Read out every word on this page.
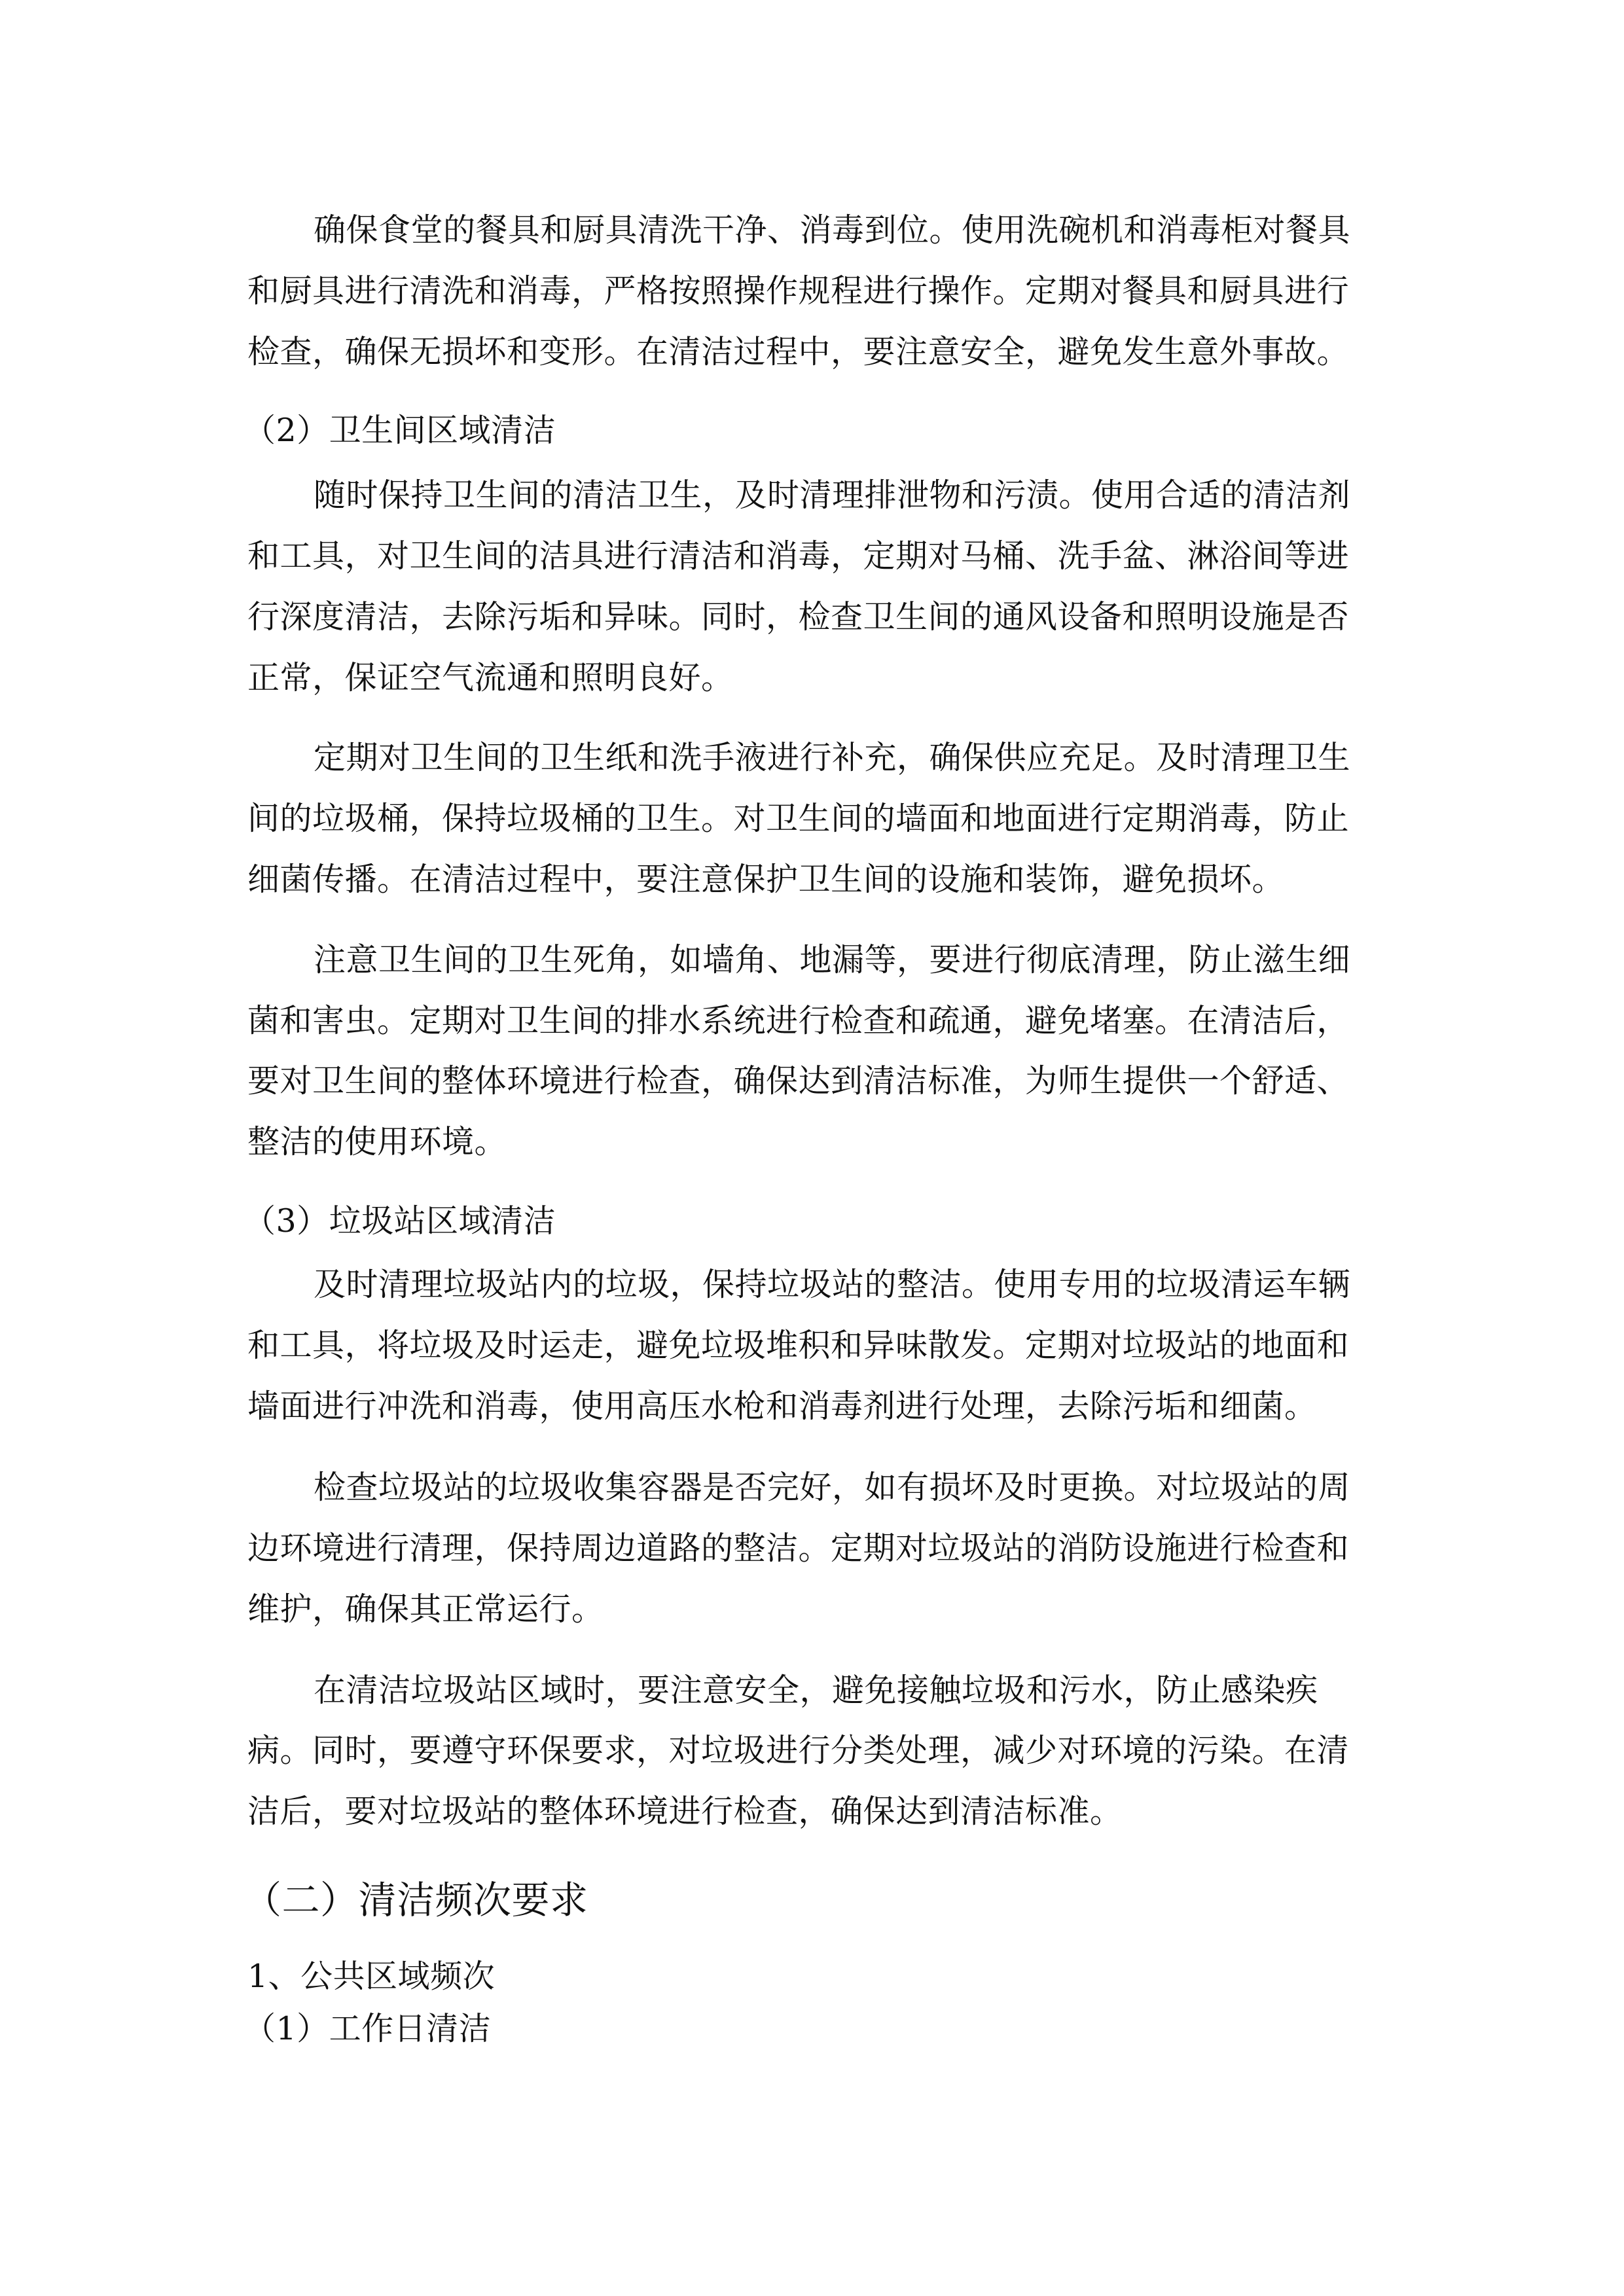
确保食堂的餐具和厨具清洗干净、消毒到位。使用洗碗机和消毒柜对餐具
和厨具进行清洗和消毒，严格按照操作规程进行操作。定期对餐具和厨具进行
检查，确保无损坏和变形。在清洁过程中，要注意安全，避免发生意外事故。
（2）卫生间区域清洁
随时保持卫生间的清洁卫生，及时清理排泄物和污渍。使用合适的清洁剂
和工具，对卫生间的洁具进行清洁和消毒，定期对马桶、洗手盆、淋浴间等进
行深度清洁，去除污垢和异味。同时，检查卫生间的通风设备和照明设施是否
正常，保证空气流通和照明良好。
定期对卫生间的卫生纸和洗手液进行补充，确保供应充足。及时清理卫生
间的垃圾桶，保持垃圾桶的卫生。对卫生间的墙面和地面进行定期消毒，防止
细菌传播。在清洁过程中，要注意保护卫生间的设施和装饰，避免损坏。
注意卫生间的卫生死角，如墙角、地漏等，要进行彻底清理，防止滋生细
菌和害虫。定期对卫生间的排水系统进行检查和疏通，避免堵塞。在清洁后，
要对卫生间的整体环境进行检查，确保达到清洁标准，为师生提供一个舒适、
整洁的使用环境。
（3）垃圾站区域清洁
及时清理垃圾站内的垃圾，保持垃圾站的整洁。使用专用的垃圾清运车辆
和工具，将垃圾及时运走，避免垃圾堆积和异味散发。定期对垃圾站的地面和
墙面进行冲洗和消毒，使用高压水枪和消毒剂进行处理，去除污垢和细菌。
检查垃圾站的垃圾收集容器是否完好，如有损坏及时更换。对垃圾站的周
边环境进行清理，保持周边道路的整洁。定期对垃圾站的消防设施进行检查和
维护，确保其正常运行。
在清洁垃圾站区域时，要注意安全，避免接触垃圾和污水，防止感染疾
病。同时，要遵守环保要求，对垃圾进行分类处理，减少对环境的污染。在清
洁后，要对垃圾站的整体环境进行检查，确保达到清洁标准。
（二）清洁频次要求
1、公共区域频次
（1）工作日清洁
